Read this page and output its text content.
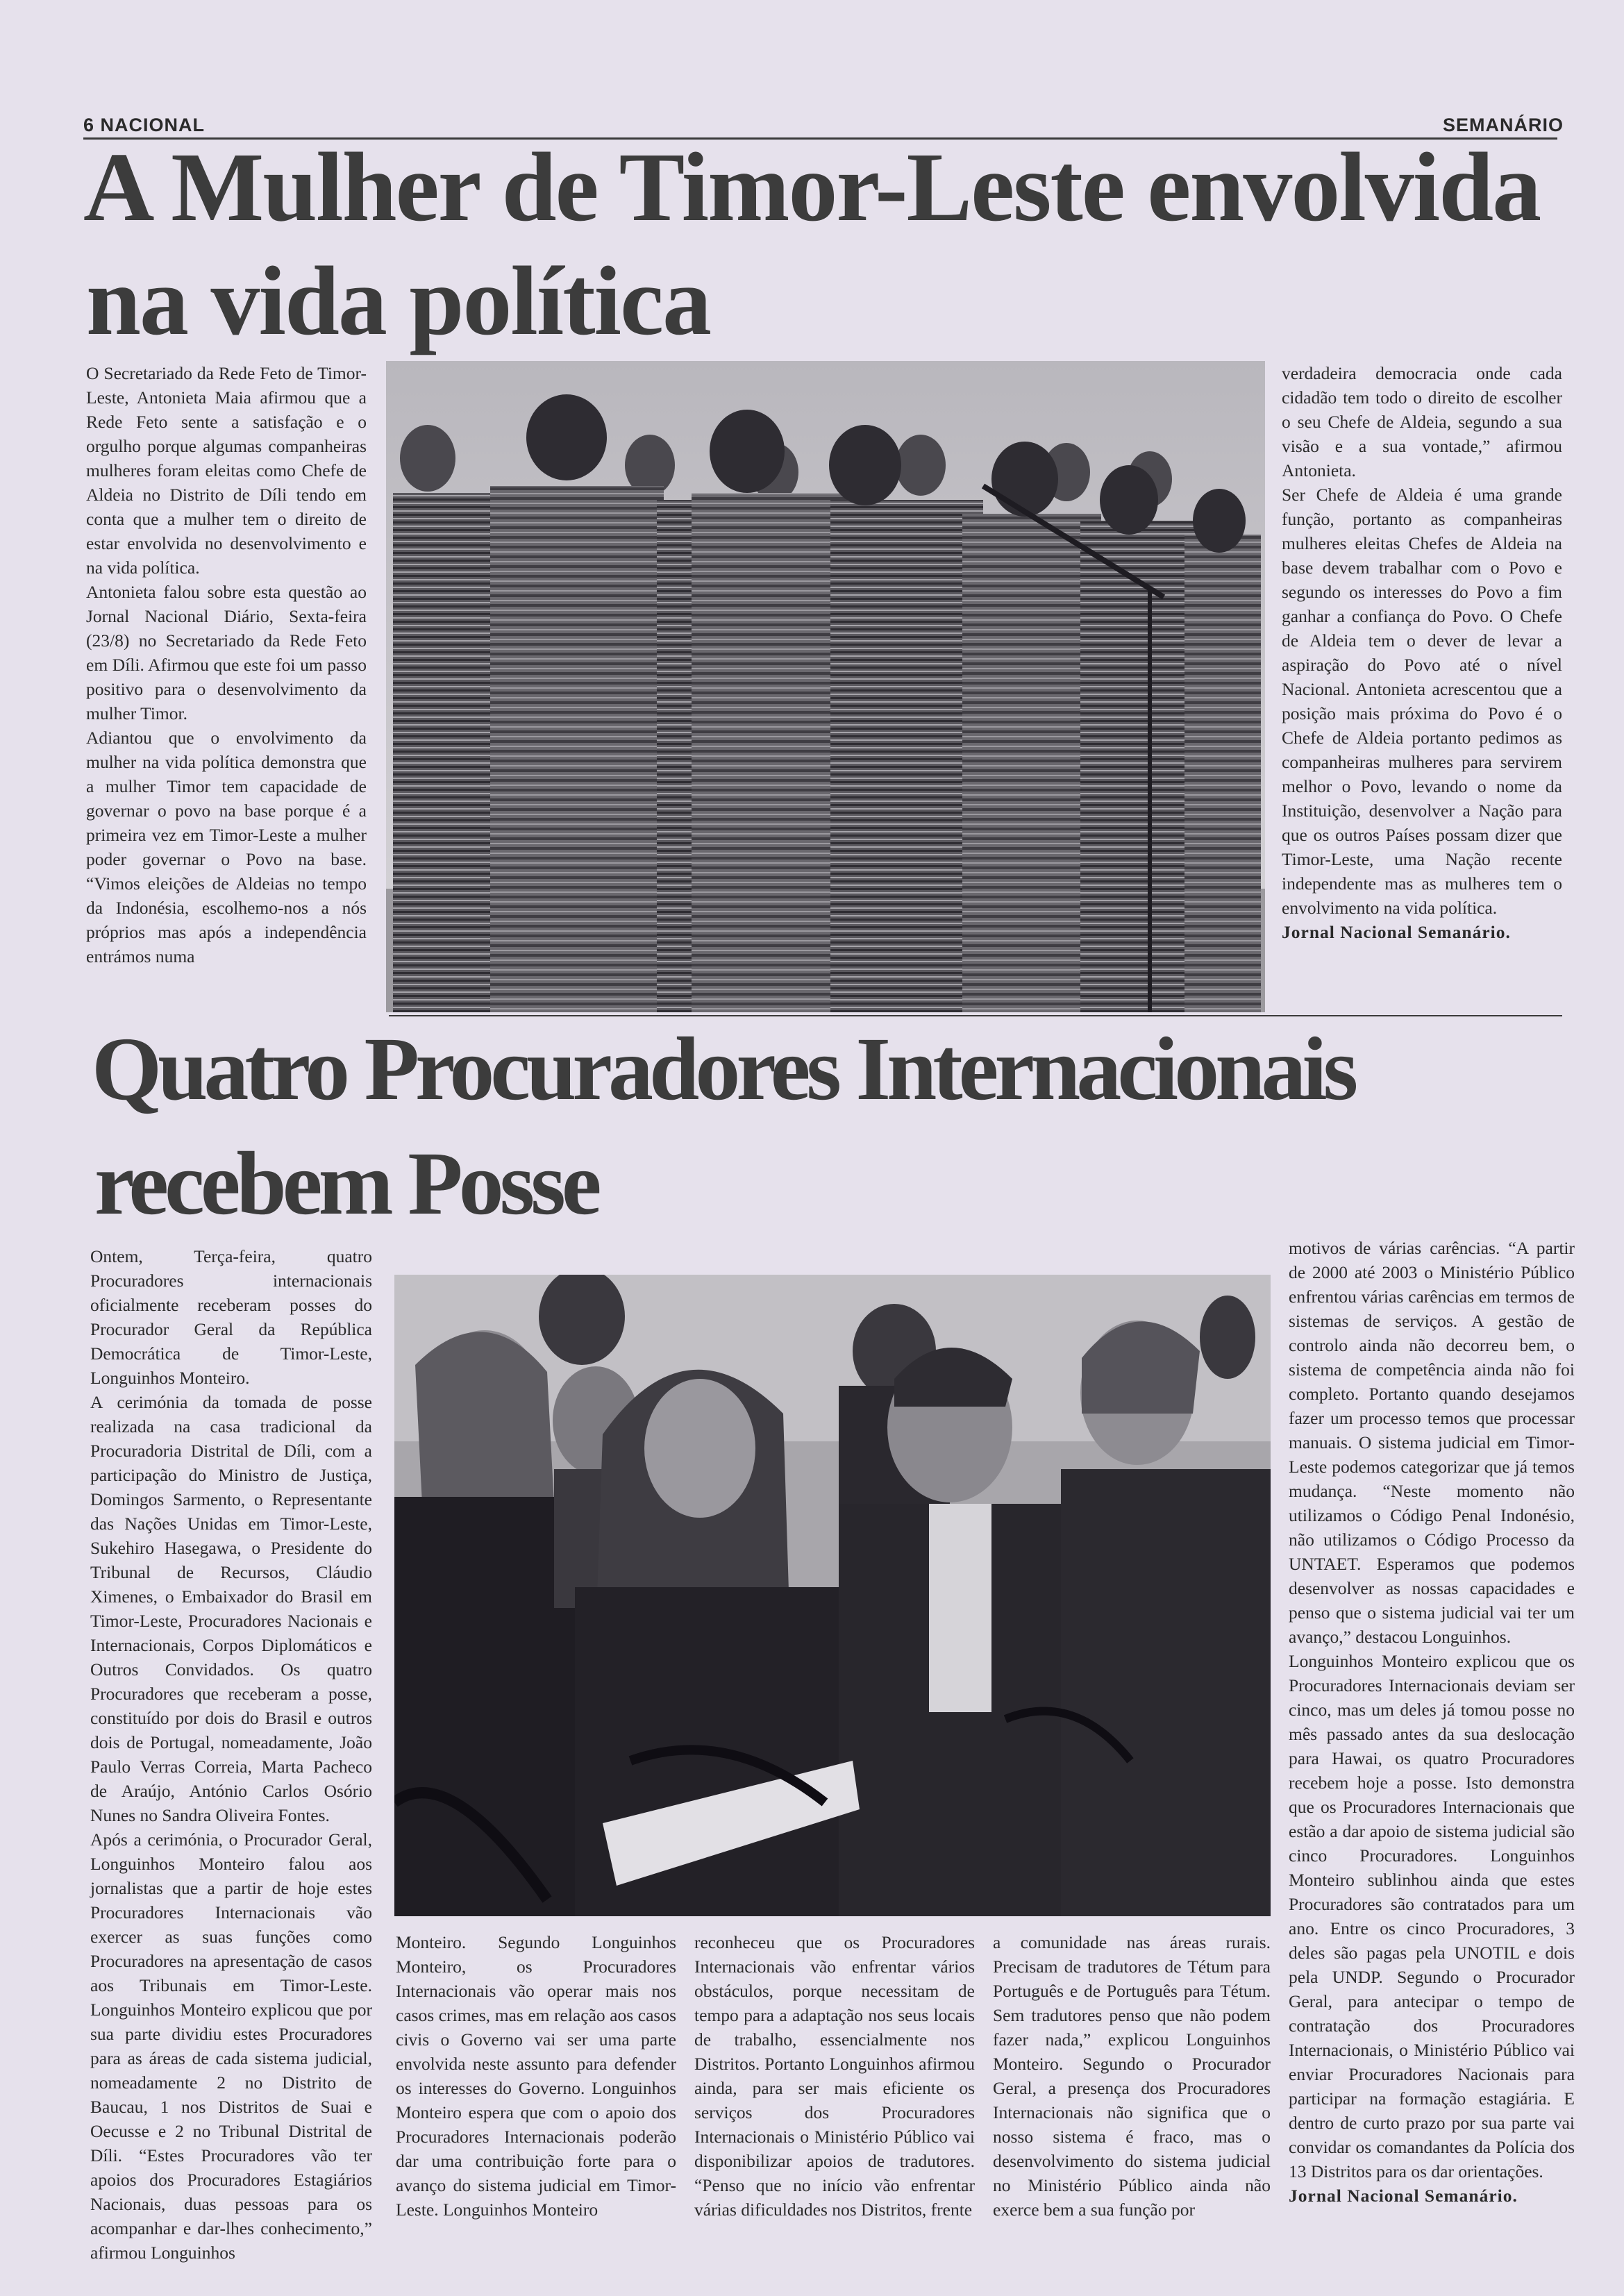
6 NACIONAL	SEMANÁRIO
A Mulher de Timor-Leste envolvida
na vida política

O Secretariado da Rede Feto de Timor-Leste, Antonieta Maia afirmou que a Rede Feto sente a satisfação e o orgulho porque algumas companheiras mulheres foram eleitas como Chefe de Aldeia no Distrito de Díli tendo em conta que a mulher tem o direito de estar envolvida no desenvolvimento e na vida política.

Antonieta falou sobre esta questão ao Jornal Nacional Diário, Sexta-feira (23/8) no Secretariado da Rede Feto em Díli. Afirmou que este foi um passo positivo para o desenvolvimento da mulher Timor.

Adiantou que o envolvimento da mulher na vida política demonstra que a mulher Timor tem capacidade de governar o povo na base porque é a primeira vez em Timor-Leste a mulher poder governar o Povo na base. “Vimos eleições de Aldeias no tempo da Indonésia, escolhemo-nos a nós próprios mas após a independência entrámos numa

verdadeira democracia onde cada cidadão tem todo o direito de escolher o seu Chefe de Aldeia, segundo a sua visão e a sua vontade,” afirmou Antonieta.

Ser Chefe de Aldeia é uma grande função, portanto as companheiras mulheres eleitas Chefes de Aldeia na base devem trabalhar com o Povo e segundo os interesses do Povo a fim ganhar a confiança do Povo. O Chefe de Aldeia tem o dever de levar a aspiração do Povo até o nível Nacional. Antonieta acrescentou que a posição mais próxima do Povo é o Chefe de Aldeia portanto pedimos as companheiras mulheres para servirem melhor o Povo, levando o nome da Instituição, desenvolver a Nação para que os outros Países possam dizer que Timor-Leste, uma Nação recente independente mas as mulheres tem o envolvimento na vida política.

Jornal Nacional Semanário.

Quatro Procuradores Internacionais
recebem Posse

Ontem, Terça-feira, quatro Procuradores internacionais oficialmente receberam posses do Procurador Geral da República Democrática de Timor-Leste, Longuinhos Monteiro.

A cerimónia da tomada de posse realizada na casa tradicional da Procuradoria Distrital de Díli, com a participação do Ministro de Justiça, Domingos Sarmento, o Representante das Nações Unidas em Timor-Leste, Sukehiro Hasegawa, o Presidente do Tribunal de Recursos, Cláudio Ximenes, o Embaixador do Brasil em Timor-Leste, Procuradores Nacionais e Internacionais, Corpos Diplomáticos e Outros Convidados. Os quatro Procuradores que receberam a posse, constituído por dois do Brasil e outros dois de Portugal, nomeadamente, João Paulo Verras Correia, Marta Pacheco de Araújo, António Carlos Osório Nunes no Sandra Oliveira Fontes.

Após a cerimónia, o Procurador Geral, Longuinhos Monteiro falou aos jornalistas que a partir de hoje estes Procuradores Internacionais vão exercer as suas funções como Procuradores na apresentação de casos aos Tribunais em Timor-Leste. Longuinhos Monteiro explicou que por sua parte dividiu estes Procuradores para as áreas de cada sistema judicial, nomeadamente 2 no Distrito de Baucau, 1 nos Distritos de Suai e Oecusse e 2 no Tribunal Distrital de Díli. “Estes Procuradores vão ter apoios dos Procuradores Estagiários Nacionais, duas pessoas para os acompanhar e dar-lhes conhecimento,” afirmou Longuinhos

Monteiro. Segundo Longuinhos Monteiro, os Procuradores Internacionais vão operar mais nos casos crimes, mas em relação aos casos civis o Governo vai ser uma parte envolvida neste assunto para defender os interesses do Governo. Longuinhos Monteiro espera que com o apoio dos Procuradores Internacionais poderão dar uma contribuição forte para o avanço do sistema judicial em Timor-Leste. Longuinhos Monteiro

reconheceu que os Procuradores Internacionais vão enfrentar vários obstáculos, porque necessitam de tempo para a adaptação nos seus locais de trabalho, essencialmente nos Distritos. Portanto Longuinhos afirmou ainda, para ser mais eficiente os serviços dos Procuradores Internacionais o Ministério Público vai disponibilizar apoios de tradutores. “Penso que no início vão enfrentar várias dificuldades nos Distritos, frente

a comunidade nas áreas rurais. Precisam de tradutores de Tétum para Português e de Português para Tétum. Sem tradutores penso que não podem fazer nada,” explicou Longuinhos Monteiro. Segundo o Procurador Geral, a presença dos Procuradores Internacionais não significa que o nosso sistema é fraco, mas o desenvolvimento do sistema judicial no Ministério Público ainda não exerce bem a sua função por

motivos de várias carências. “A partir de 2000 até 2003 o Ministério Público enfrentou várias carências em termos de sistemas de serviços. A gestão de controlo ainda não decorreu bem, o sistema de competência ainda não foi completo. Portanto quando desejamos fazer um processo temos que processar manuais. O sistema judicial em Timor-Leste podemos categorizar que já temos mudança. “Neste momento não utilizamos o Código Penal Indonésio, não utilizamos o Código Processo da UNTAET. Esperamos que podemos desenvolver as nossas capacidades e penso que o sistema judicial vai ter um avanço,” destacou Longuinhos.

Longuinhos Monteiro explicou que os Procuradores Internacionais deviam ser cinco, mas um deles já tomou posse no mês passado antes da sua deslocação para Hawai, os quatro Procuradores recebem hoje a posse. Isto demonstra que os Procuradores Internacionais que estão a dar apoio de sistema judicial são cinco Procuradores. Longuinhos Monteiro sublinhou ainda que estes Procuradores são contratados para um ano. Entre os cinco Procuradores, 3 deles são pagas pela UNOTIL e dois pela UNDP. Segundo o Procurador Geral, para antecipar o tempo de contratação dos Procuradores Internacionais, o Ministério Público vai enviar Procuradores Nacionais para participar na formação estagiária. E dentro de curto prazo por sua parte vai convidar os comandantes da Polícia dos 13 Distritos para os dar orientações.

Jornal Nacional Semanário.
